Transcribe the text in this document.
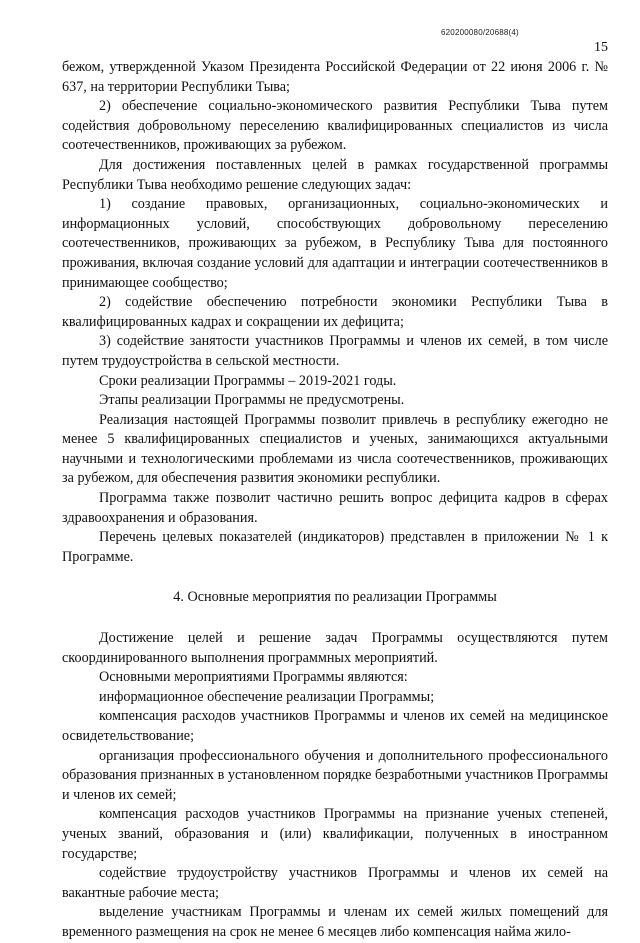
620200080/20688(4)
15

бежом, утвержденной Указом Президента Российской Федерации от 22 июня 2006 г. № 637, на территории Республики Тыва;

2) обеспечение социально-экономического развития Республики Тыва путем содействия добровольному переселению квалифицированных специалистов из числа соотечественников, проживающих за рубежом.

Для достижения поставленных целей в рамках государственной программы Республики Тыва необходимо решение следующих задач:

1) создание правовых, организационных, социально-экономических и информационных условий, способствующих добровольному переселению соотечественников, проживающих за рубежом, в Республику Тыва для постоянного проживания, включая создание условий для адаптации и интеграции соотечественников в принимающее сообщество;

2) содействие обеспечению потребности экономики Республики Тыва в квалифицированных кадрах и сокращении их дефицита;

3) содействие занятости участников Программы и членов их семей, в том числе путем трудоустройства в сельской местности.

Сроки реализации Программы – 2019-2021 годы.

Этапы реализации Программы не предусмотрены.

Реализация настоящей Программы позволит привлечь в республику ежегодно не менее 5 квалифицированных специалистов и ученых, занимающихся актуальными научными и технологическими проблемами из числа соотечественников, проживающих за рубежом, для обеспечения развития экономики республики.

Программа также позволит частично решить вопрос дефицита кадров в сферах здравоохранения и образования.

Перечень целевых показателей (индикаторов) представлен в приложении № 1 к Программе.

4. Основные мероприятия по реализации Программы

Достижение целей и решение задач Программы осуществляются путем скоординированного выполнения программных мероприятий.

Основными мероприятиями Программы являются:

информационное обеспечение реализации Программы;

компенсация расходов участников Программы и членов их семей на медицинское освидетельствование;

организация профессионального обучения и дополнительного профессионального образования признанных в установленном порядке безработными участников Программы и членов их семей;

компенсация расходов участников Программы на признание ученых степеней, ученых званий, образования и (или) квалификации, полученных в иностранном государстве;

содействие трудоустройству участников Программы и членов их семей на вакантные рабочие места;

выделение участникам Программы и членам их семей жилых помещений для временного размещения на срок не менее 6 месяцев либо компенсация найма жило-
